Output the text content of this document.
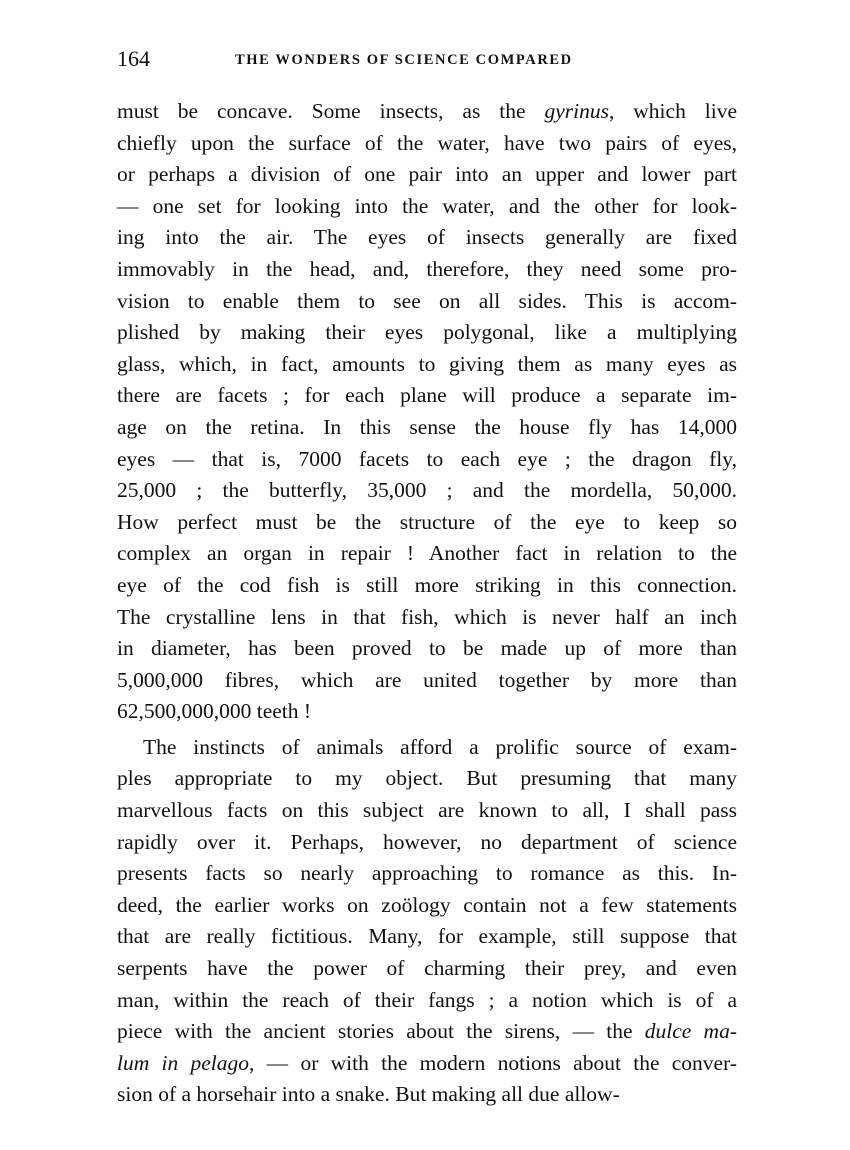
164	THE WONDERS OF SCIENCE COMPARED
must be concave. Some insects, as the gyrinus, which live
chiefly upon the surface of the water, have two pairs of eyes,
or perhaps a division of one pair into an upper and lower part
— one set for looking into the water, and the other for look-
ing into the air. The eyes of insects generally are fixed
immovably in the head, and, therefore, they need some pro-
vision to enable them to see on all sides. This is accom-
plished by making their eyes polygonal, like a multiplying
glass, which, in fact, amounts to giving them as many eyes as
there are facets ; for each plane will produce a separate im-
age on the retina. In this sense the house fly has 14,000
eyes — that is, 7000 facets to each eye ; the dragon fly,
25,000 ; the butterfly, 35,000 ; and the mordella, 50,000.
How perfect must be the structure of the eye to keep so
complex an organ in repair ! Another fact in relation to the
eye of the cod fish is still more striking in this connection.
The crystalline lens in that fish, which is never half an inch
in diameter, has been proved to be made up of more than
5,000,000 fibres, which are united together by more than
62,500,000,000 teeth !
The instincts of animals afford a prolific source of exam-
ples appropriate to my object. But presuming that many
marvellous facts on this subject are known to all, I shall pass
rapidly over it. Perhaps, however, no department of science
presents facts so nearly approaching to romance as this. In-
deed, the earlier works on zoölogy contain not a few statements
that are really fictitious. Many, for example, still suppose that
serpents have the power of charming their prey, and even
man, within the reach of their fangs ; a notion which is of a
piece with the ancient stories about the sirens, — the dulce ma-
lum in pelago, — or with the modern notions about the conver-
sion of a horsehair into a snake. But making all due allow-
